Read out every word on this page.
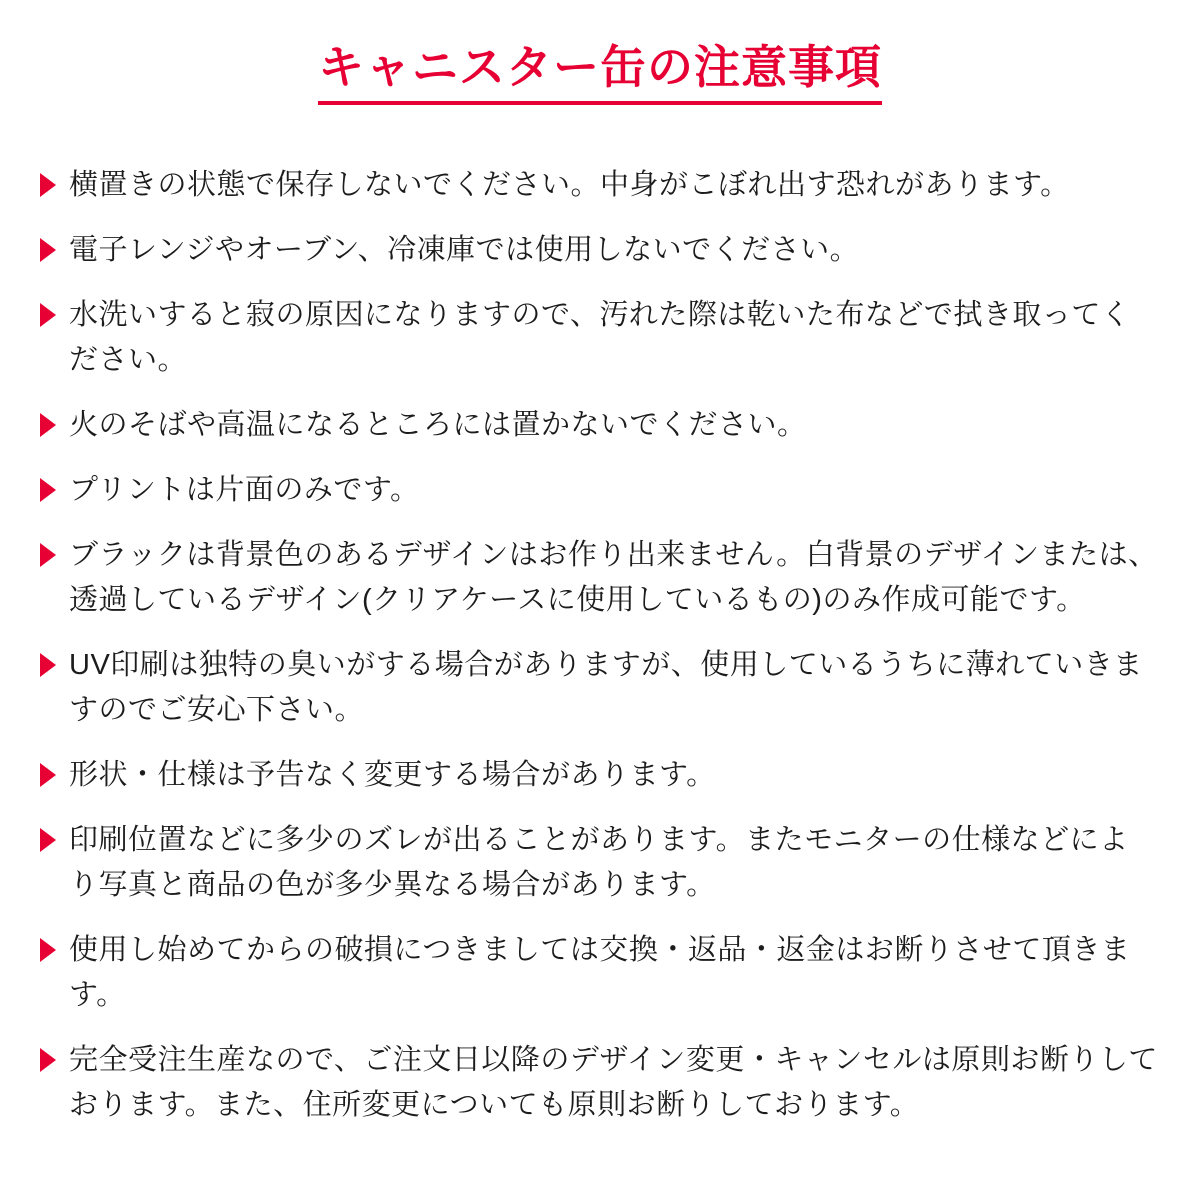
キャニスター缶の注意事項
横置きの状態で保存しないでください。中身がこぼれ出す恐れがあります。
電子レンジやオーブン、冷凍庫では使用しないでください。
水洗いすると寂の原因になりますので、汚れた際は乾いた布などで拭き取ってください。
火のそばや高温になるところには置かないでください。
プリントは片面のみです。
ブラックは背景色のあるデザインはお作り出来ません。白背景のデザインまたは、透過しているデザイン(クリアケースに使用しているもの)のみ作成可能です。
UV印刷は独特の臭いがする場合がありますが、使用しているうちに薄れていきますのでご安心下さい。
形状・仕様は予告なく変更する場合があります。
印刷位置などに多少のズレが出ることがあります。またモニターの仕様などにより写真と商品の色が多少異なる場合があります。
使用し始めてからの破損につきましては交換・返品・返金はお断りさせて頂きます。
完全受注生産なので、ご注文日以降のデザイン変更・キャンセルは原則お断りしております。また、住所変更についても原則お断りしております。
